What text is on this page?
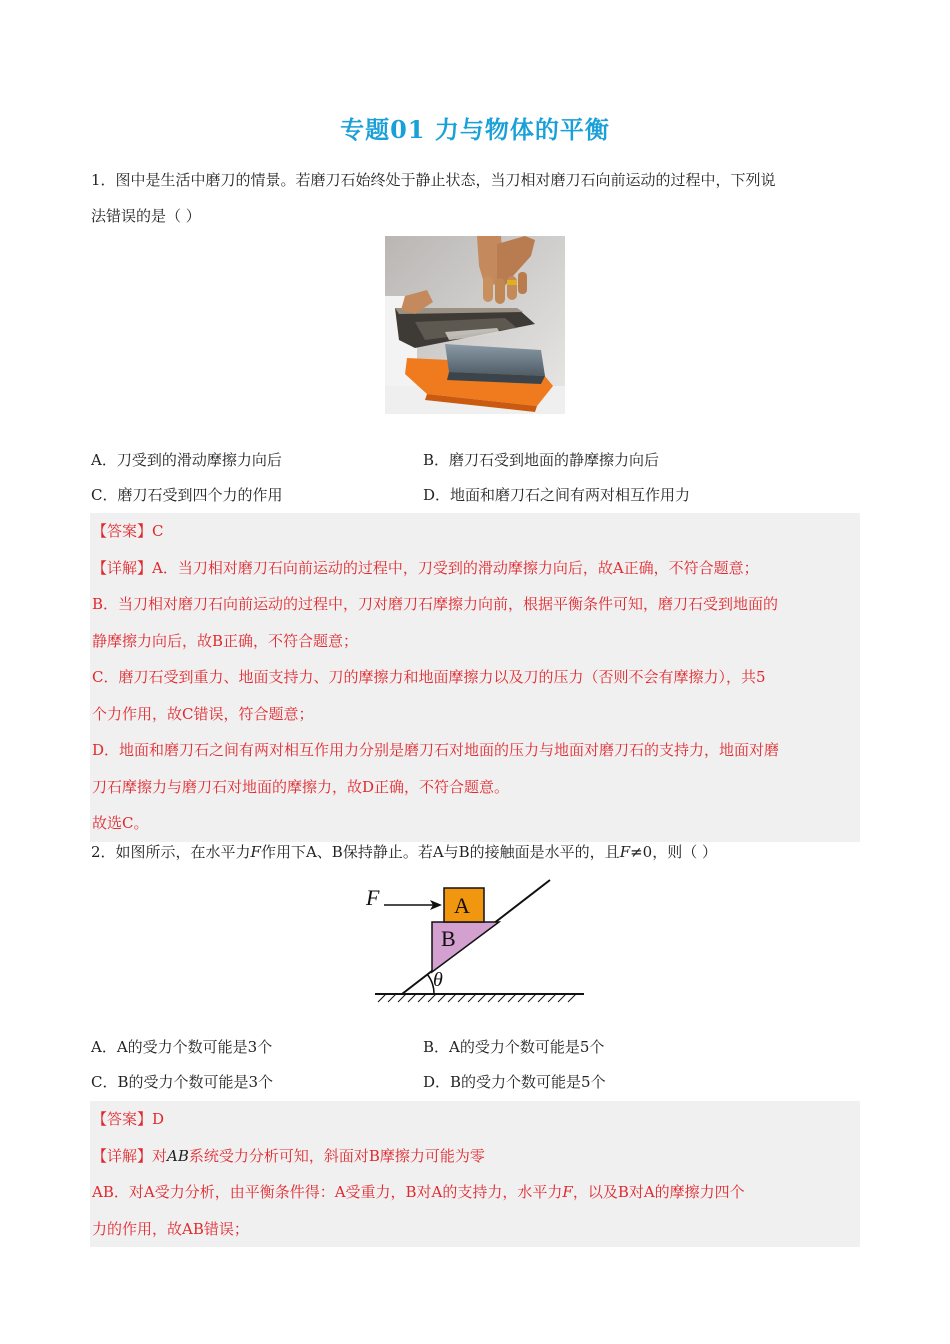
专题01 力与物体的平衡
1．图中是生活中磨刀的情景。若磨刀石始终处于静止状态，当刀相对磨刀石向前运动的过程中，下列说
法错误的是（ ）
A．刀受到的滑动摩擦力向后	B．磨刀石受到地面的静摩擦力向后
C．磨刀石受到四个力的作用	D．地面和磨刀石之间有两对相互作用力
【答案】C
【详解】A．当刀相对磨刀石向前运动的过程中，刀受到的滑动摩擦力向后，故A正确，不符合题意；
B．当刀相对磨刀石向前运动的过程中，刀对磨刀石摩擦力向前，根据平衡条件可知，磨刀石受到地面的
静摩擦力向后，故B正确，不符合题意；
C．磨刀石受到重力、地面支持力、刀的摩擦力和地面摩擦力以及刀的压力（否则不会有摩擦力），共5
个力作用，故C错误，符合题意；
D．地面和磨刀石之间有两对相互作用力分别是磨刀石对地面的压力与地面对磨刀石的支持力，地面对磨
刀石摩擦力与磨刀石对地面的摩擦力，故D正确，不符合题意。
故选C。
2．如图所示，在水平力F作用下A、B保持静止。若A与B的接触面是水平的，且F≠0，则（ ）
F	A
B
θ
A．A的受力个数可能是3个	B．A的受力个数可能是5个
C．B的受力个数可能是3个	D．B的受力个数可能是5个
【答案】D
【详解】对AB系统受力分析可知，斜面对B摩擦力可能为零
AB．对A受力分析，由平衡条件得：A受重力，B对A的支持力，水平力F，以及B对A的摩擦力四个
力的作用，故AB错误；
